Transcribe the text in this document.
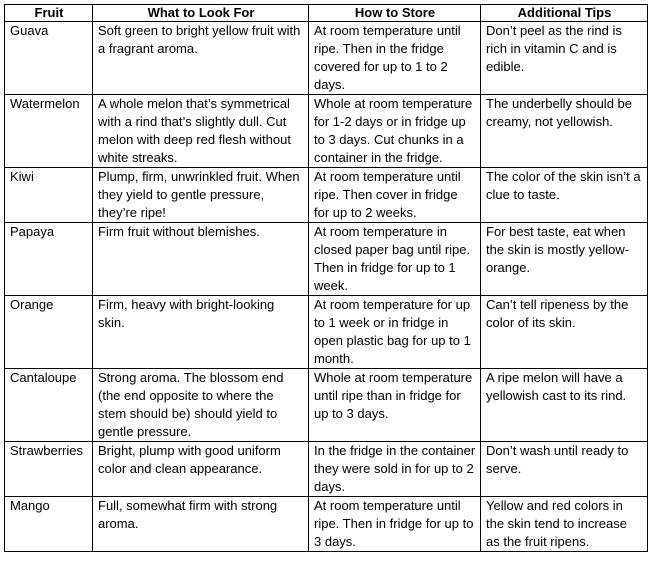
Fruit	What to Look For	How to Store	Additional Tips
Guava	Soft green to bright yellow fruit with a fragrant aroma.	At room temperature until ripe. Then in the fridge covered for up to 1 to 2 days.	Don’t peel as the rind is rich in vitamin C and is edible.
Watermelon	A whole melon that’s symmetrical with a rind that’s slightly dull. Cut melon with deep red flesh without white streaks.	Whole at room temperature for 1-2 days or in fridge up to 3 days. Cut chunks in a container in the fridge.	The underbelly should be creamy, not yellowish.
Kiwi	Plump, firm, unwrinkled fruit. When they yield to gentle pressure, they’re ripe!	At room temperature until ripe. Then cover in fridge for up to 2 weeks.	The color of the skin isn’t a clue to taste.
Papaya	Firm fruit without blemishes.	At room temperature in closed paper bag until ripe. Then in fridge for up to 1 week.	For best taste, eat when the skin is mostly yellow-orange.
Orange	Firm, heavy with bright-looking skin.	At room temperature for up to 1 week or in fridge in open plastic bag for up to 1 month.	Can’t tell ripeness by the color of its skin.
Cantaloupe	Strong aroma. The blossom end (the end opposite to where the stem should be) should yield to gentle pressure.	Whole at room temperature until ripe than in fridge for up to 3 days.	A ripe melon will have a yellowish cast to its rind.
Strawberries	Bright, plump with good uniform color and clean appearance.	In the fridge in the container they were sold in for up to 2 days.	Don’t wash until ready to serve.
Mango	Full, somewhat firm with strong aroma.	At room temperature until ripe. Then in fridge for up to 3 days.	Yellow and red colors in the skin tend to increase as the fruit ripens.
